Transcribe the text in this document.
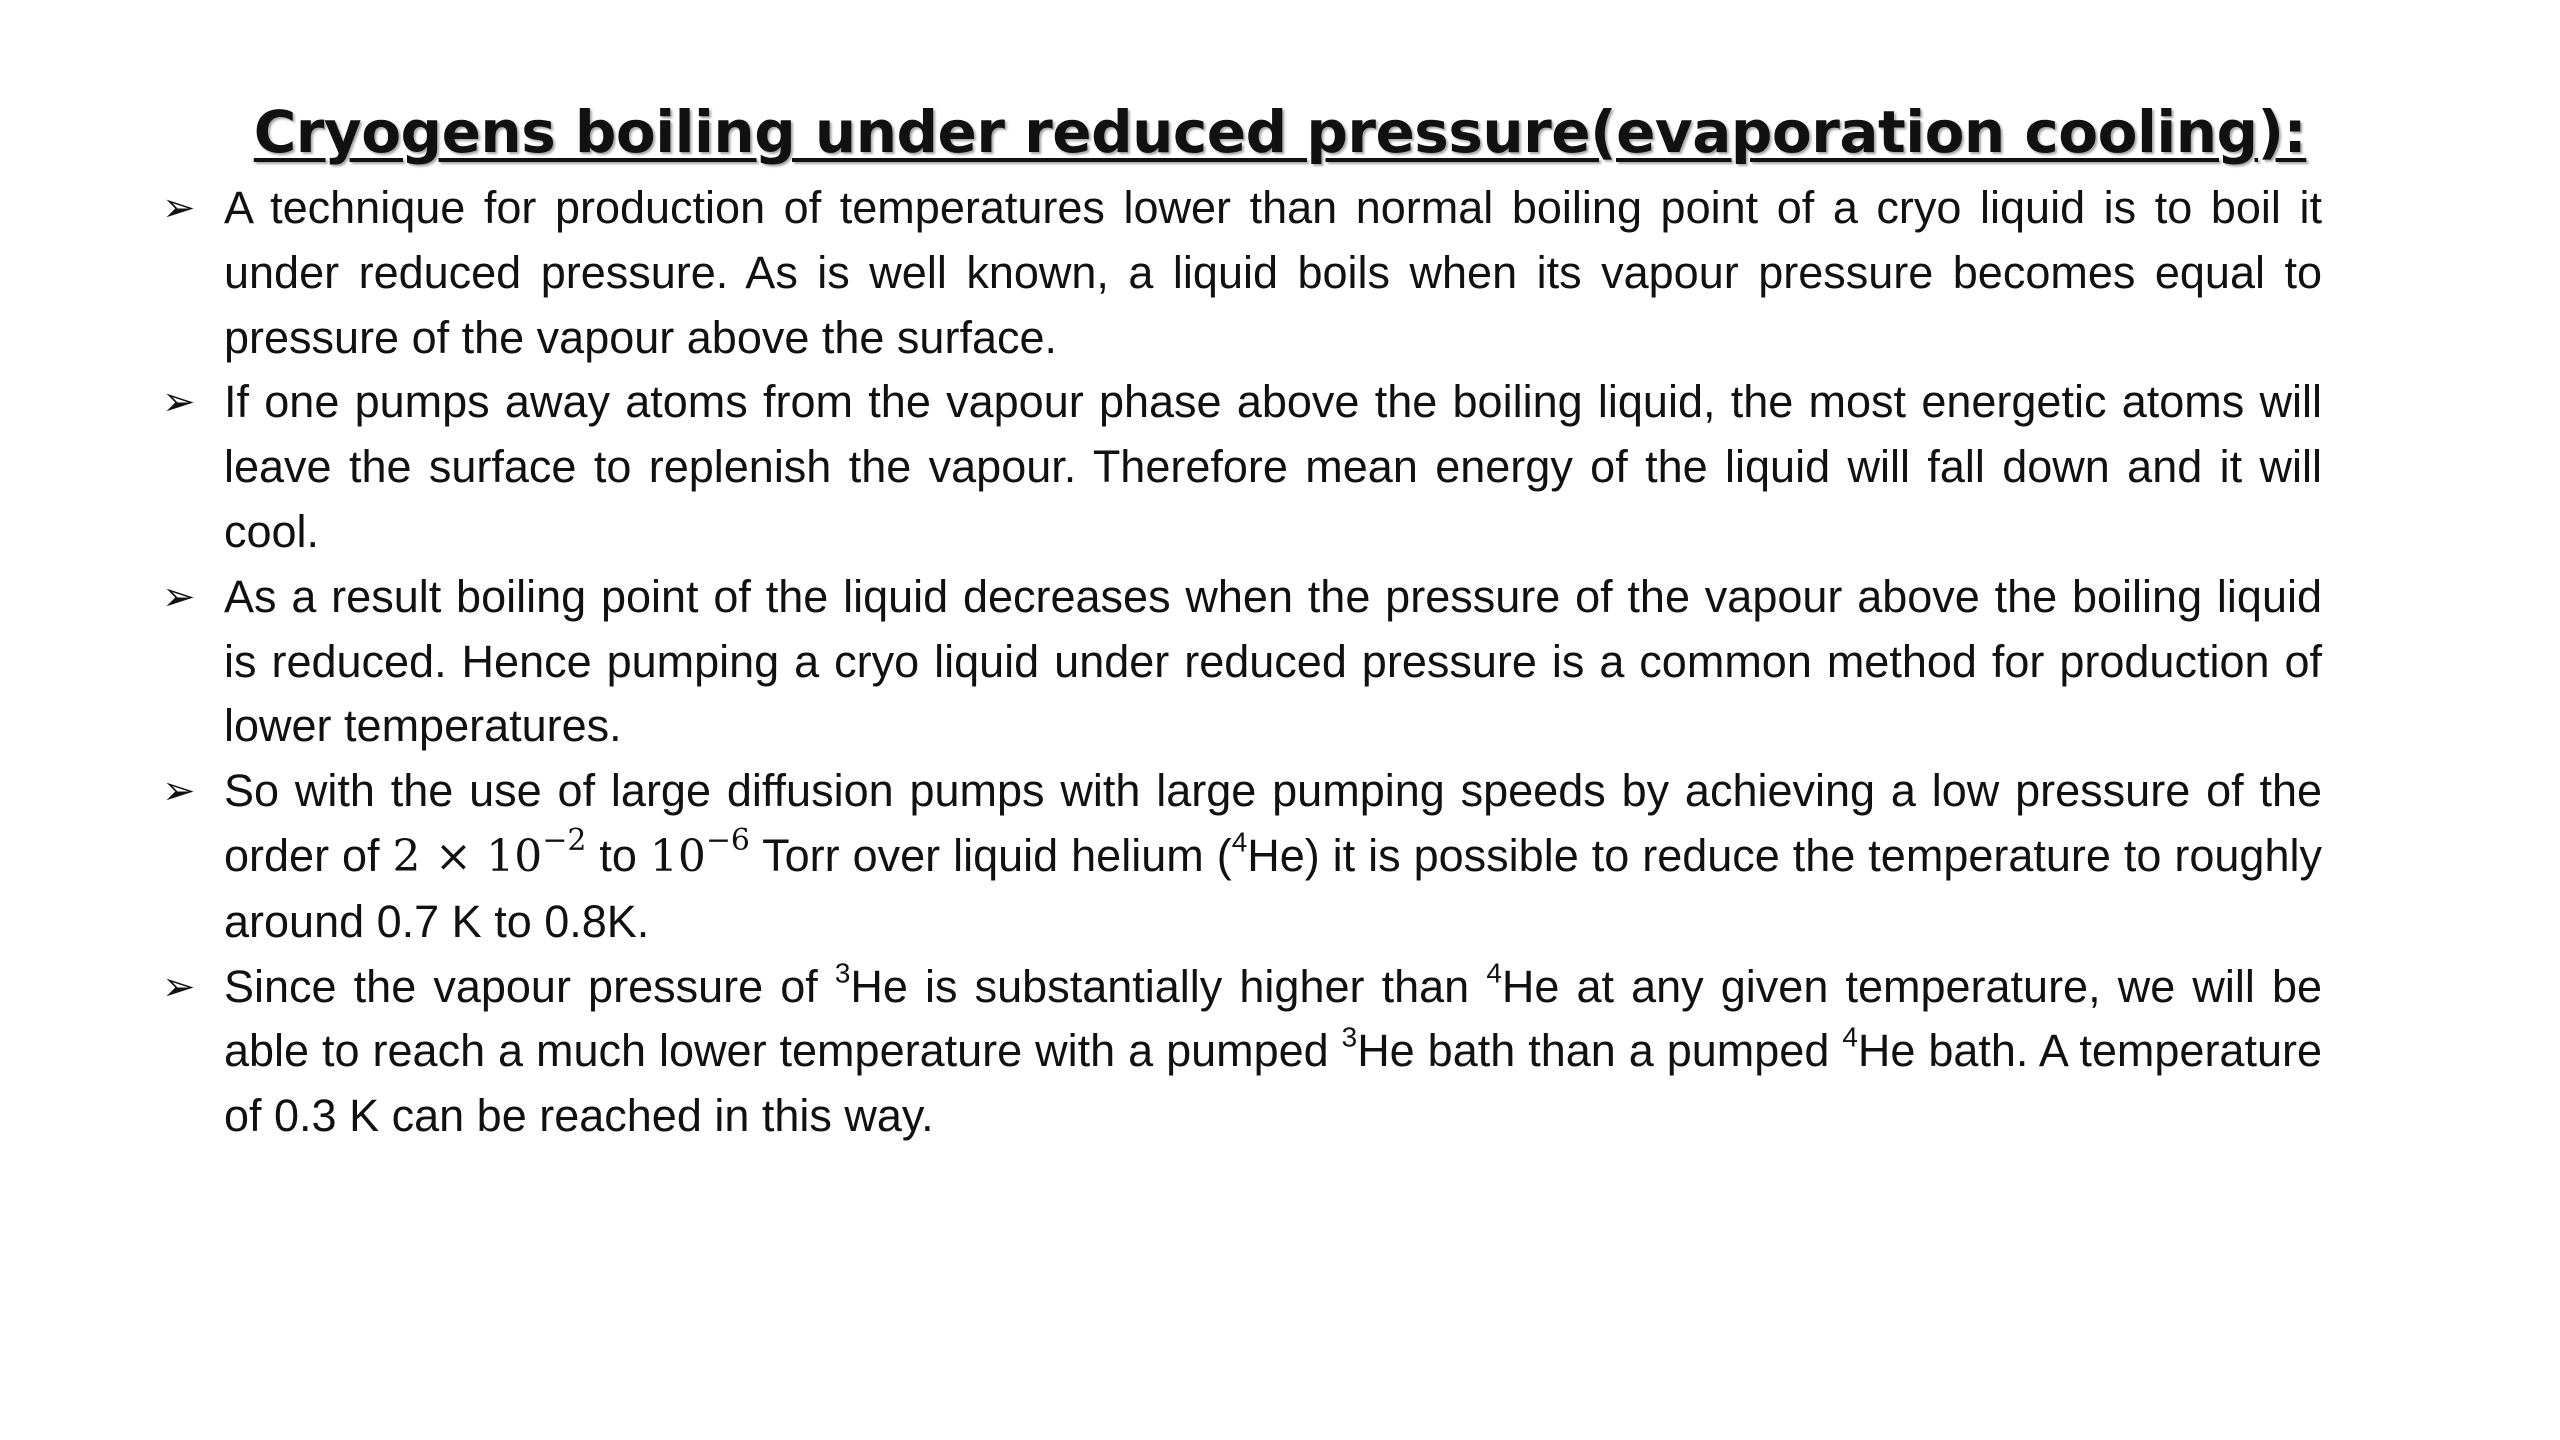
Cryogens boiling under reduced pressure(evaporation cooling):
➢ A technique for production of temperatures lower than normal boiling point of a cryo liquid is to boil it under reduced pressure. As is well known, a liquid boils when its vapour pressure becomes equal to pressure of the vapour above the surface.
➢ If one pumps away atoms from the vapour phase above the boiling liquid, the most energetic atoms will leave the surface to replenish the vapour. Therefore mean energy of the liquid will fall down and it will cool.
➢ As a result boiling point of the liquid decreases when the pressure of the vapour above the boiling liquid is reduced. Hence pumping a cryo liquid under reduced pressure is a common method for production of lower temperatures.
➢ So with the use of large diffusion pumps with large pumping speeds by achieving a low pressure of the order of $2 \times 10^{-2}$ to $10^{-6}$ Torr over liquid helium ($^4$He) it is possible to reduce the temperature to roughly around 0.7 K to 0.8K.
➢ Since the vapour pressure of $^3$He is substantially higher than $^4$He at any given temperature, we will be able to reach a much lower temperature with a pumped $^3$He bath than a pumped $^4$He bath. A temperature of 0.3 K can be reached in this way.
